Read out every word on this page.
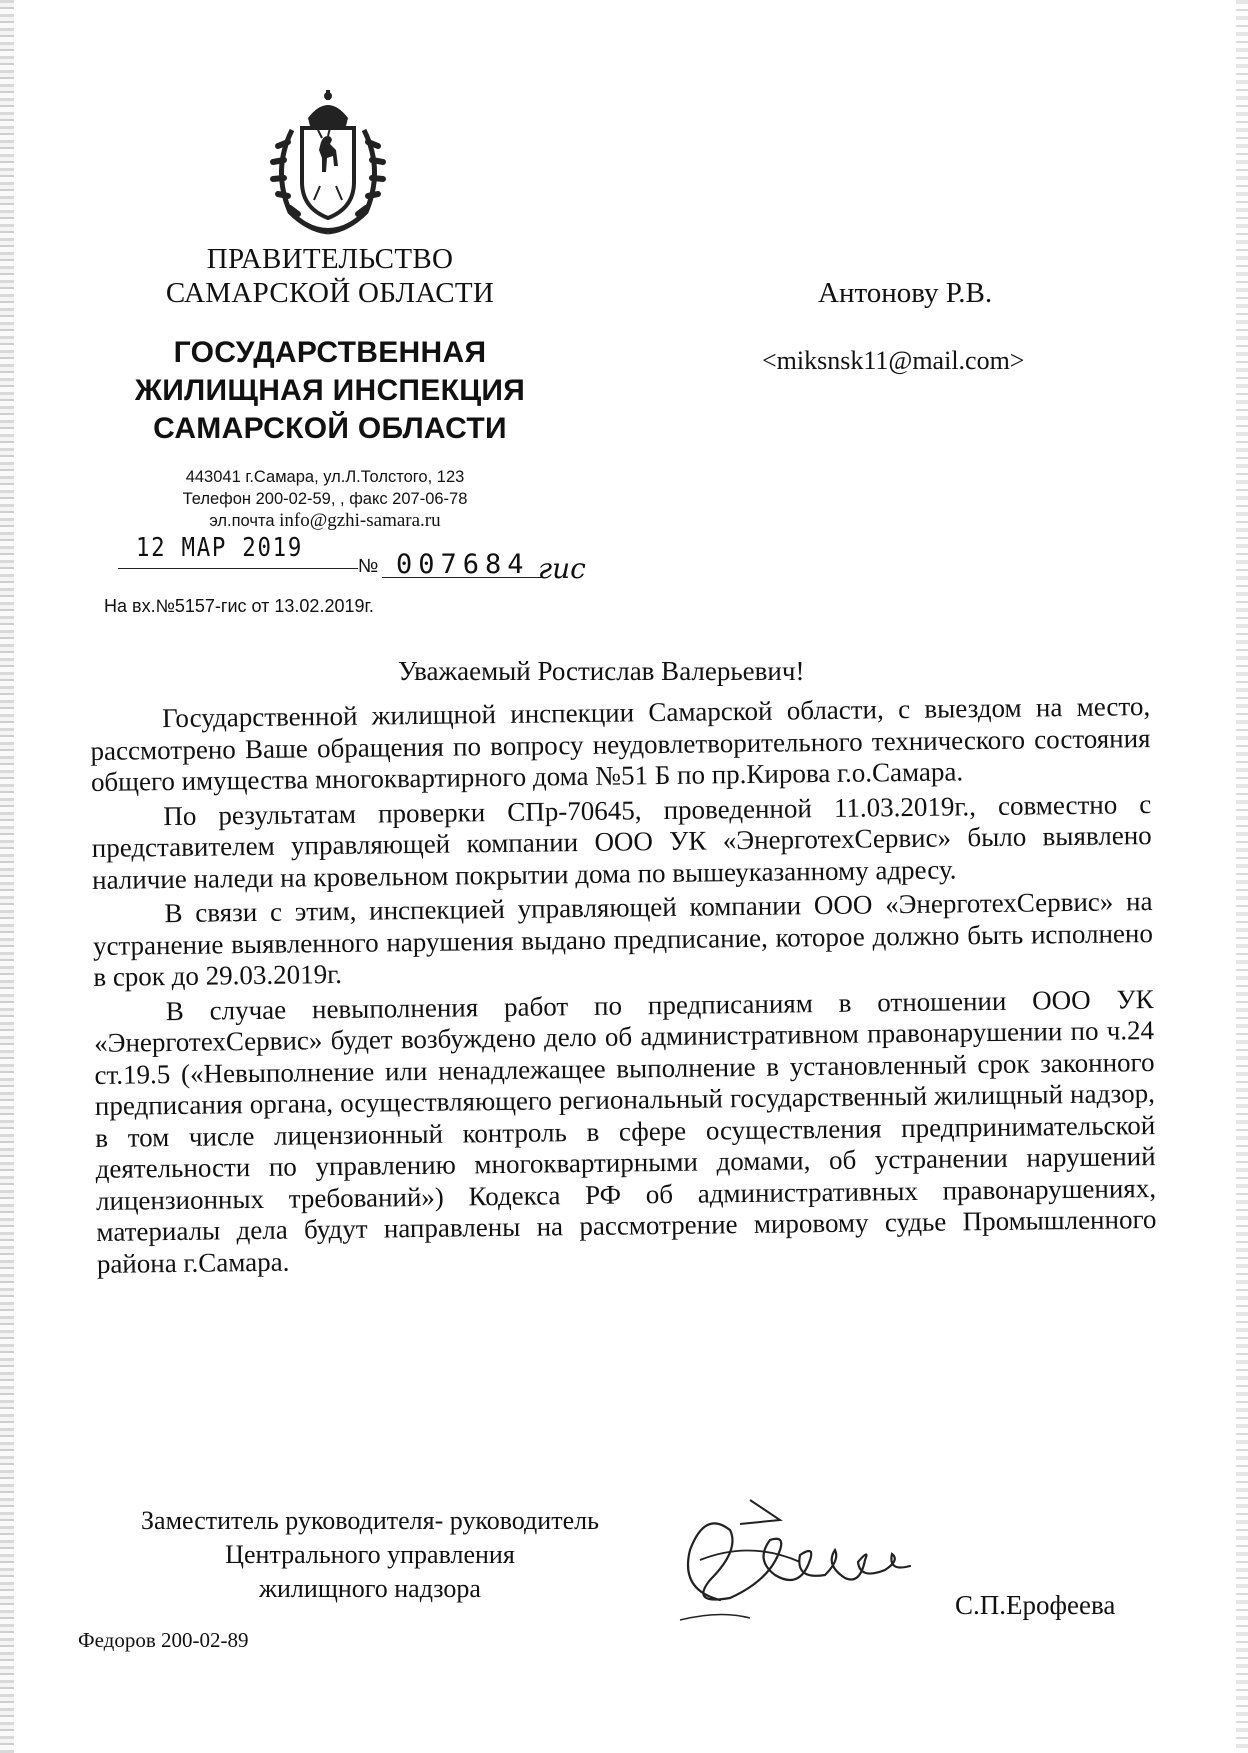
ПРАВИТЕЛЬСТВО
САМАРСКОЙ ОБЛАСТИ
ГОСУДАРСТВЕННАЯ
ЖИЛИЩНАЯ ИНСПЕКЦИЯ
САМАРСКОЙ ОБЛАСТИ
443041 г.Самара, ул.Л.Толстого, 123
Телефон 200-02-59, , факс 207-06-78
эл.почта info@gzhi-samara.ru
12 MAP 2019
№ 007684 гис
На вх.№5157-гис от 13.02.2019г.
Антонову Р.В.
<miksnsk11@mail.com>
Уважаемый Ростислав Валерьевич!

Государственной жилищной инспекции Самарской области, с выездом на место, рассмотрено Ваше обращения по вопросу неудовлетворительного технического состояния общего имущества многоквартирного дома №51 Б по пр.Кирова г.о.Самара.

По результатам проверки СПр-70645, проведенной 11.03.2019г., совместно с представителем управляющей компании ООО УК «ЭнерготехСервис» было выявлено наличие наледи на кровельном покрытии дома по вышеуказанному адресу.

В связи с этим, инспекцией управляющей компании ООО «ЭнерготехСервис» на устранение выявленного нарушения выдано предписание, которое должно быть исполнено в срок до 29.03.2019г.

В случае невыполнения работ по предписаниям в отношении ООО УК «ЭнерготехСервис» будет возбуждено дело об административном правонарушении по ч.24 ст.19.5 («Невыполнение или ненадлежащее выполнение в установленный срок законного предписания органа, осуществляющего региональный государственный жилищный надзор, в том числе лицензионный контроль в сфере осуществления предпринимательской деятельности по управлению многоквартирными домами, об устранении нарушений лицензионных требований») Кодекса РФ об административных правонарушениях, материалы дела будут направлены на рассмотрение мировому судье Промышленного района г.Самара.

Заместитель руководителя- руководитель
Центрального управления
жилищного надзора
С.П.Ерофеева
Федоров 200-02-89
